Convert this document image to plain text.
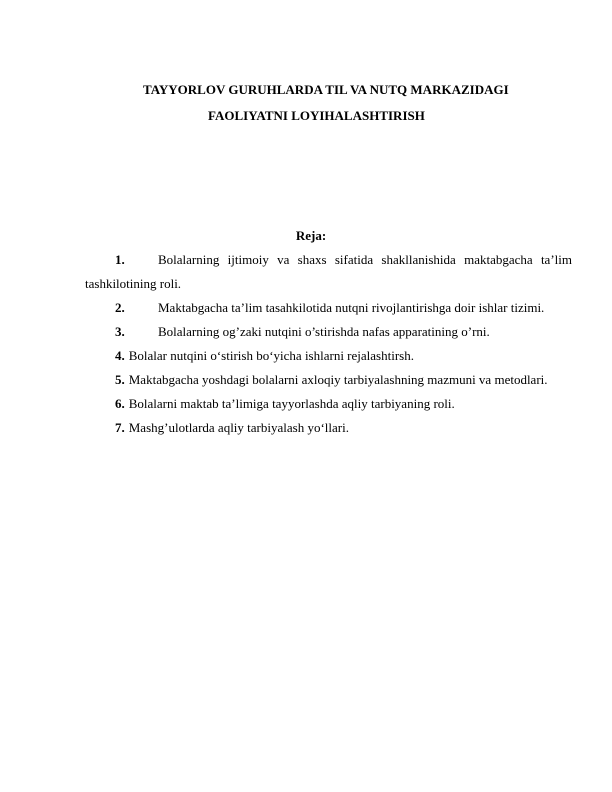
TAYYORLOV GURUHLARDA TIL VA NUTQ MARKAZIDAGI
FAOLIYATNI LOYIHALASHTIRISH
Reja:
1.	Bolalarning ijtimoiy va shaxs sifatida shakllanishida maktabgacha ta’lim tashkilotining roli.
2.	Maktabgacha ta’lim tasahkilotida nutqni rivojlantirishga doir ishlar tizimi.
3.	Bolalarning og’zaki nutqini o’stirishda nafas apparatining o’rni.
4. Bolalar nutqini o‘stirish bo‘yicha ishlarni rejalashtirsh.
5. Maktabgacha yoshdagi bolalarni axloqiy tarbiyalashning mazmuni va metodlari.
6. Bolalarni maktab ta’limiga tayyorlashda aqliy tarbiyaning roli.
7. Mashg’ulotlarda aqliy tarbiyalash yo‘llari.
